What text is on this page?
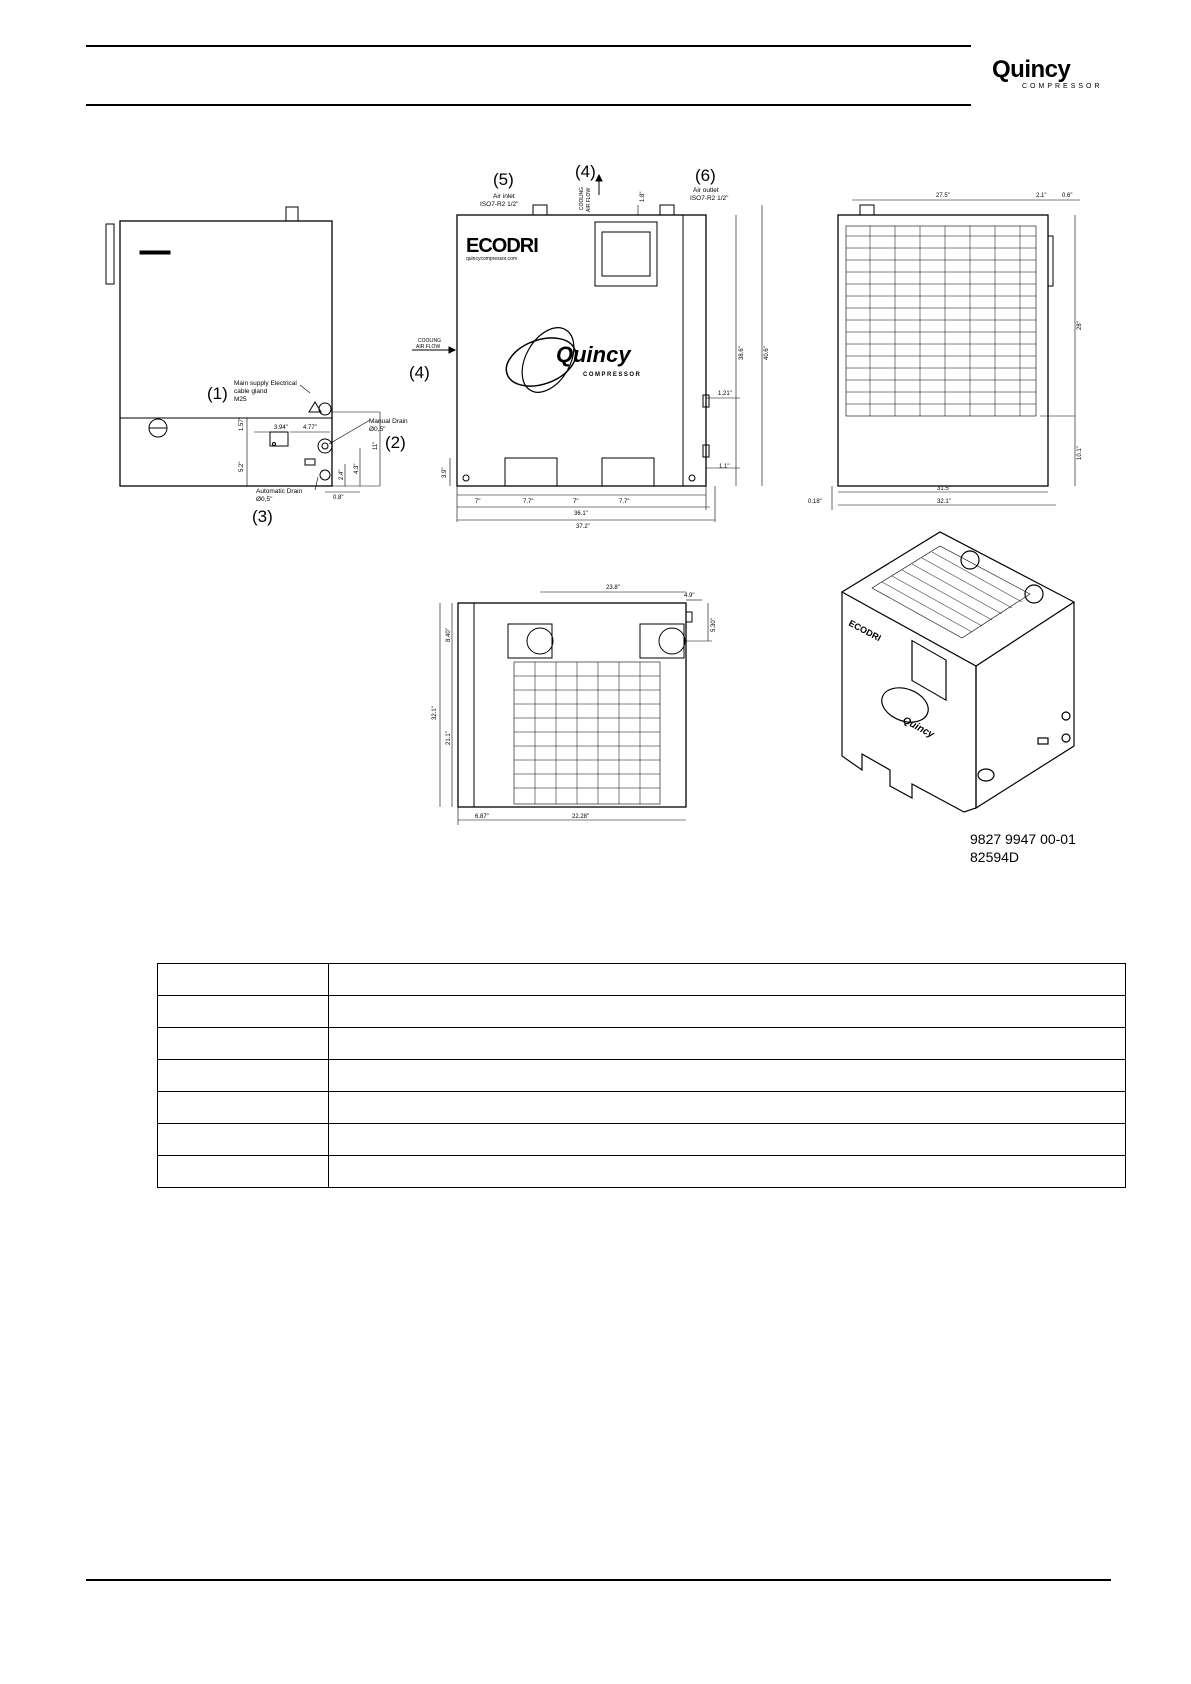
Quincy
COMPRESSOR
(1)
Main supply Electrical
cable gland
M25
Manual Drain
Ø0,5"
(2)
Automatic Drain
Ø0,5"
(3)
3.94"	4.77"
0.8"
1.57"
5.2"
2.4"
4.3"
11"
(5)	(4)	(6)
(4)
Air inlet
ISO7-R2 1/2"
Air outlet
ISO7-R2 1/2"
COOLING
AIR FLOW
COOLING AIR FLOW
ECODRI
quincycompressor.com
Quincy
COMPRESSOR
7"	7.7"	7"	7.7"
36.1"
37.2"
1.21"
1.1"
3.9"
1.8"
38.6"	40.6"
27.5"	2.1"	0.6"
28"
10.1"
31.5"
32.1"
0.18"
23.8"
4.9"
5.30"
8.40"
32.1"
21.1"
6.87"	22.28"
ECODRI
Quincy
9827 9947 00-01
82594D
